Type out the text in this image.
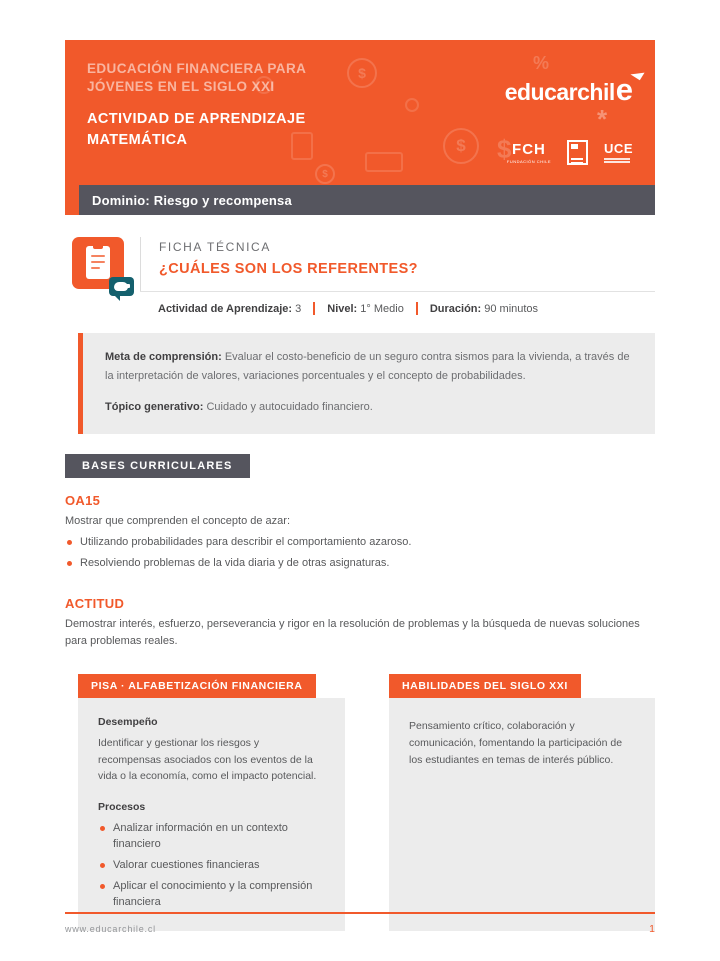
$
$	$
%
$
*
EDUCACIÓN FINANCIERA PARA
JÓVENES EN EL SIGLO XXI
ACTIVIDAD DE APRENDIZAJE
MATEMÁTICA
educarchil e
FCH
FUNDACIÓN CHILE
UCE
Dominio: Riesgo y recompensa
FICHA TÉCNICA
¿CUÁLES SON LOS REFERENTES?
Actividad de Aprendizaje: 3 Nivel: 1° Medio Duración: 90 minutos
Meta de comprensión: Evaluar el costo-beneficio de un seguro contra sismos para la vivienda, a través de la interpretación de valores, variaciones porcentuales y el concepto de probabilidades.
Tópico generativo: Cuidado y autocuidado financiero.
BASES CURRICULARES
OA15
Mostrar que comprenden el concepto de azar:
Utilizando probabilidades para describir el comportamiento azaroso.
Resolviendo problemas de la vida diaria y de otras asignaturas.
ACTITUD
Demostrar interés, esfuerzo, perseverancia y rigor en la resolución de problemas y la búsqueda de nuevas soluciones para problemas reales.
PISA · ALFABETIZACIÓN FINANCIERA
Desempeño
Identificar y gestionar los riesgos y recompensas asociados con los eventos de la vida o la economía, como el impacto potencial.
Procesos
Analizar información en un contexto financiero
Valorar cuestiones financieras
Aplicar el conocimiento y la comprensión financiera
HABILIDADES DEL SIGLO XXI
Pensamiento crítico, colaboración y comunicación, fomentando la participación de los estudiantes en temas de interés público.
www.educarchile.cl	1
